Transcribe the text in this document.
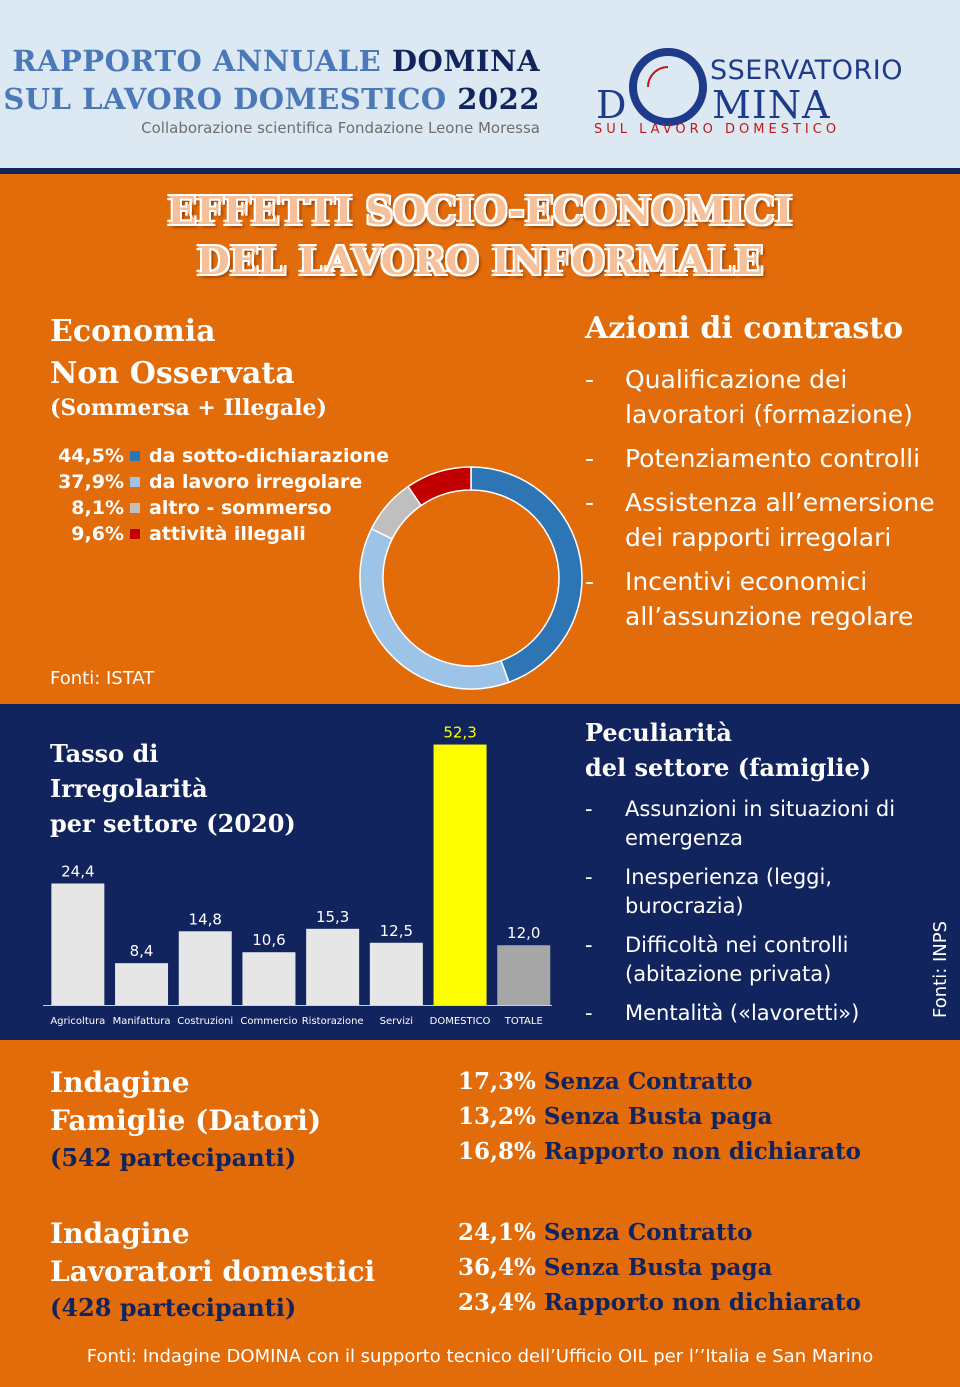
RAPPORTO ANNUALE DOMINA
SUL LAVORO DOMESTICO 2022
Collaborazione scientifica Fondazione Leone Moressa
SSERVATORIO
D MINA
SUL LAVORO DOMESTICO
EFFETTI SOCIO-ECONOMICI
DEL LAVORO INFORMALE
Economia
Non Osservata
(Sommersa + Illegale)
44,5% da sotto-dichiarazione
37,9% da lavoro irregolare
8,1% altro - sommerso
9,6% attività illegali
Fonti: ISTAT
Azioni di contrasto
- Qualificazione dei lavoratori (formazione)
- Potenziamento controlli
- Assistenza all’emersione dei rapporti irregolari
- Incentivi economici all’assunzione regolare
Tasso di
Irregolarità
per settore (2020)
24,4
Agricoltura
8,4
Manifattura
14,8
Costruzioni
10,6
Commercio
15,3
Ristorazione
12,5
Servizi
52,3
DOMESTICO
12,0
TOTALE
Peculiarità
del settore (famiglie)
- Assunzioni in situazioni di emergenza
- Inesperienza (leggi, burocrazia)
- Difficoltà nei controlli (abitazione privata)
- Mentalità («lavoretti»)	Fonti: INPS
Indagine
Famiglie (Datori)
(542 partecipanti)
17,3% Senza Contratto
13,2% Senza Busta paga
16,8% Rapporto non dichiarato
Indagine
Lavoratori domestici
(428 partecipanti)
24,1% Senza Contratto
36,4% Senza Busta paga
23,4% Rapporto non dichiarato
Fonti: Indagine DOMINA con il supporto tecnico dell’Ufficio OIL per l’’Italia e San Marino
